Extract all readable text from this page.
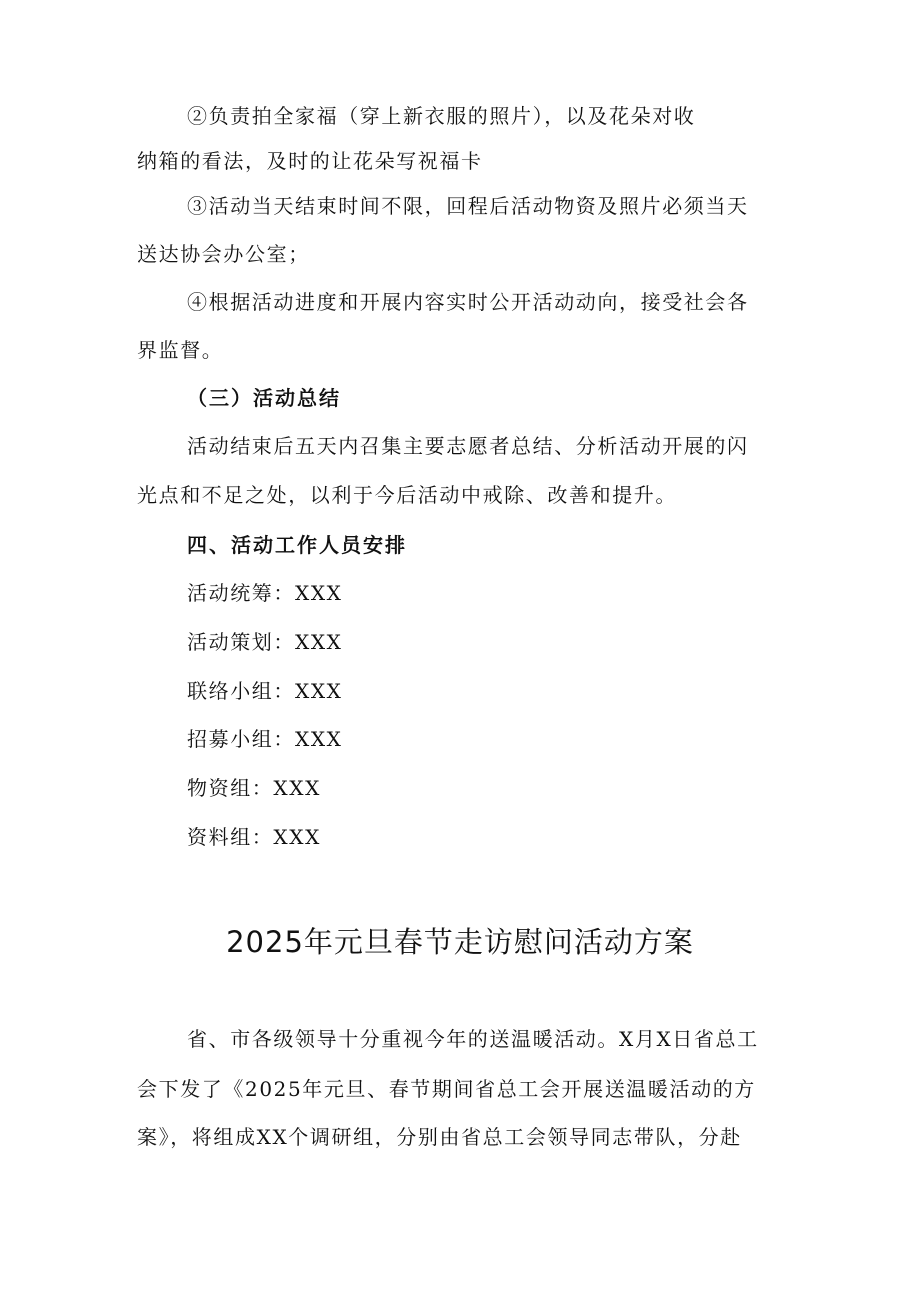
②负责拍全家福（穿上新衣服的照片），以及花朵对收

纳箱的看法，及时的让花朵写祝福卡

③活动当天结束时间不限，回程后活动物资及照片必须当天

送达协会办公室；

④根据活动进度和开展内容实时公开活动动向，接受社会各

界监督。

（三）活动总结

活动结束后五天内召集主要志愿者总结、分析活动开展的闪

光点和不足之处，以利于今后活动中戒除、改善和提升。

四、活动工作人员安排

活动统筹：XXX

活动策划：XXX

联络小组：XXX

招募小组：XXX

物资组：XXX

资料组：XXX

2025年元旦春节走访慰问活动方案

省、市各级领导十分重视今年的送温暖活动。X月X日省总工

会下发了《2025年元旦、春节期间省总工会开展送温暖活动的方

案》，将组成XX个调研组，分别由省总工会领导同志带队，分赴
